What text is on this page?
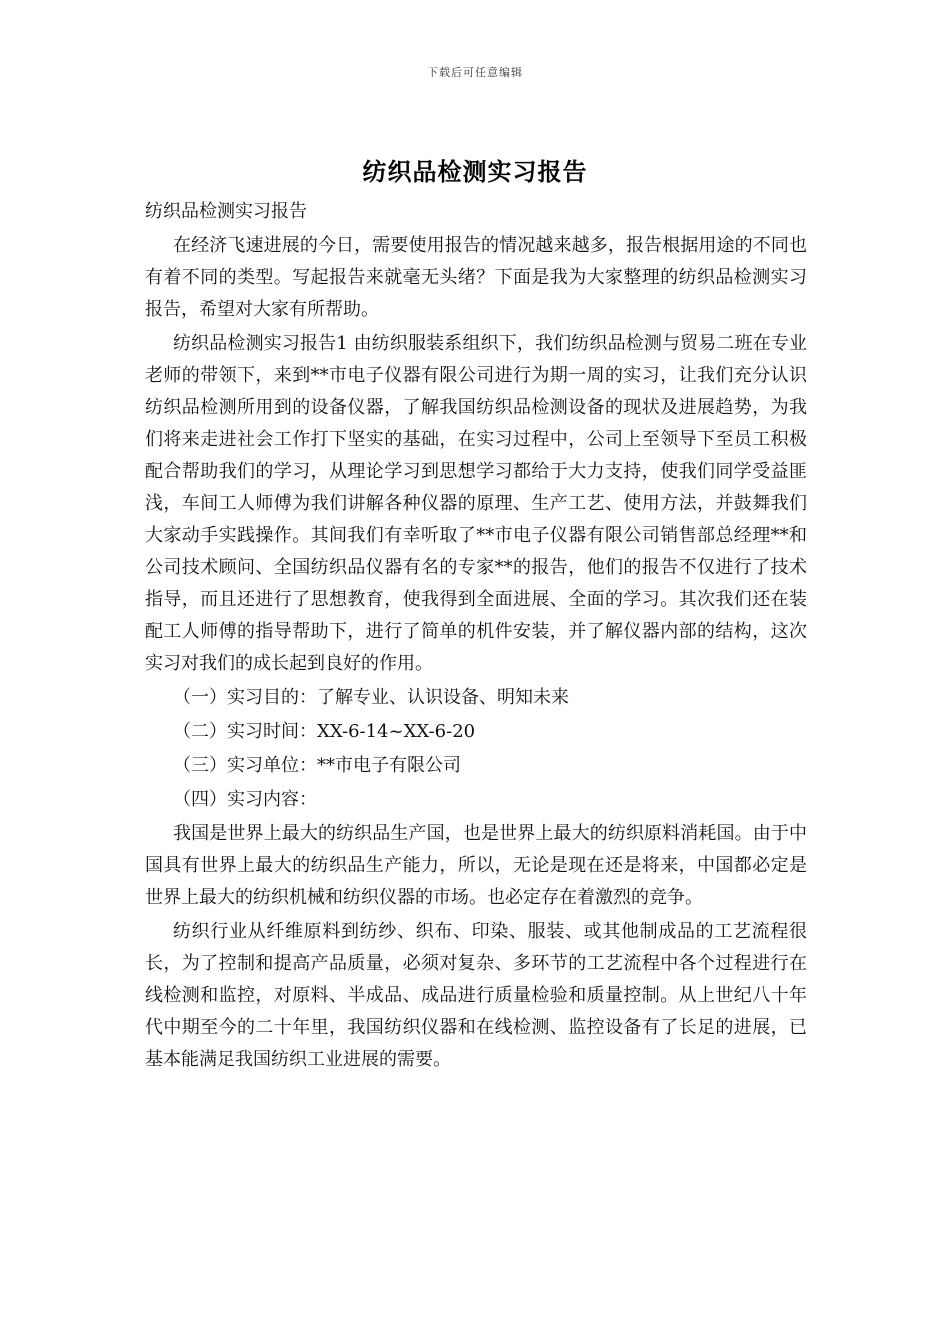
下载后可任意编辑
纺织品检测实习报告

纺织品检测实习报告

在经济飞速进展的今日，需要使用报告的情况越来越多，报告根据用途的不同也有着不同的类型。写起报告来就毫无头绪？下面是我为大家整理的纺织品检测实习报告，希望对大家有所帮助。

纺织品检测实习报告1 由纺织服装系组织下，我们纺织品检测与贸易二班在专业老师的带领下，来到**市电子仪器有限公司进行为期一周的实习，让我们充分认识纺织品检测所用到的设备仪器，了解我国纺织品检测设备的现状及进展趋势，为我们将来走进社会工作打下坚实的基础，在实习过程中，公司上至领导下至员工积极配合帮助我们的学习，从理论学习到思想学习都给于大力支持，使我们同学受益匪浅，车间工人师傅为我们讲解各种仪器的原理、生产工艺、使用方法，并鼓舞我们大家动手实践操作。其间我们有幸听取了**市电子仪器有限公司销售部总经理**和公司技术顾问、全国纺织品仪器有名的专家**的报告，他们的报告不仅进行了技术指导，而且还进行了思想教育，使我得到全面进展、全面的学习。其次我们还在装配工人师傅的指导帮助下，进行了简单的机件安装，并了解仪器内部的结构，这次实习对我们的成长起到良好的作用。

（一）实习目的：了解专业、认识设备、明知未来

（二）实习时间：XX-6-14~XX-6-20

（三）实习单位：**市电子有限公司

（四）实习内容：

我国是世界上最大的纺织品生产国，也是世界上最大的纺织原料消耗国。由于中国具有世界上最大的纺织品生产能力，所以，无论是现在还是将来，中国都必定是世界上最大的纺织机械和纺织仪器的市场。也必定存在着激烈的竞争。

纺织行业从纤维原料到纺纱、织布、印染、服装、或其他制成品的工艺流程很长，为了控制和提高产品质量，必须对复杂、多环节的工艺流程中各个过程进行在线检测和监控，对原料、半成品、成品进行质量检验和质量控制。从上世纪八十年代中期至今的二十年里，我国纺织仪器和在线检测、监控设备有了长足的进展，已基本能满足我国纺织工业进展的需要。
